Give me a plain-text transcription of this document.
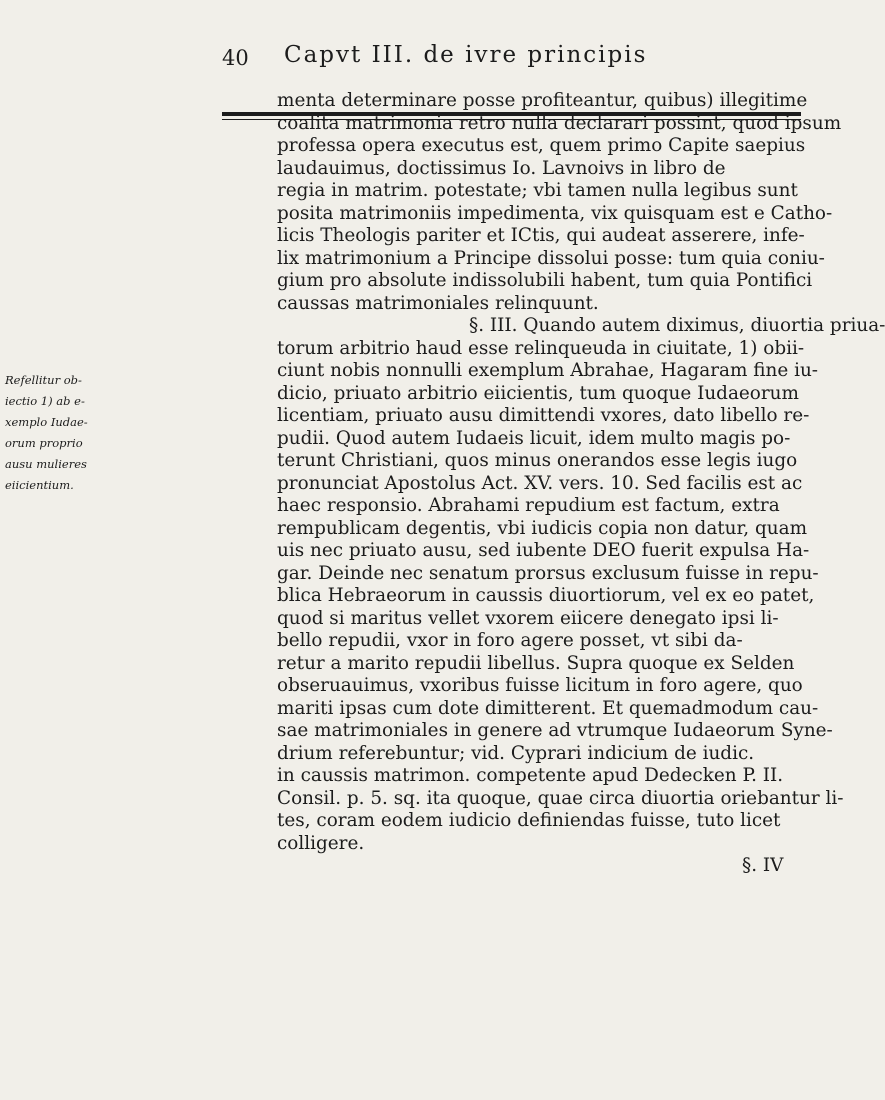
40 Capvt III. de ivre principis
Refellitur ob-
iectio 1) ab e-
xemplo Iudae-
orum proprio
ausu mulieres
eiicientium.
menta determinare posse profiteantur, quibus) illegitime
coalita matrimonia retro nulla declarari possint, quod ipsum
professa opera executus est, quem primo Capite saepius
laudauimus, doctissimus Io. Lavnoivs in libro de
regia in matrim. potestate; vbi tamen nulla legibus sunt
posita matrimoniis impedimenta, vix quisquam est e Catho-
licis Theologis pariter et ICtis, qui audeat asserere, infe-
lix matrimonium a Principe dissolui posse: tum quia coniu-
gium pro absolute indissolubili habent, tum quia Pontifici
caussas matrimoniales relinquunt.
§. III. Quando autem diximus, diuortia priua-
torum arbitrio haud esse relinqueuda in ciuitate, 1) obii-
ciunt nobis nonnulli exemplum Abrahae, Hagaram fine iu-
dicio, priuato arbitrio eiicientis, tum quoque Iudaeorum
licentiam, priuato ausu dimittendi vxores, dato libello re-
pudii. Quod autem Iudaeis licuit, idem multo magis po-
terunt Christiani, quos minus onerandos esse legis iugo
pronunciat Apostolus Act. XV. vers. 10. Sed facilis est ac
haec responsio. Abrahami repudium est factum, extra
rempublicam degentis, vbi iudicis copia non datur, quam
uis nec priuato ausu, sed iubente DEO fuerit expulsa Ha-
gar. Deinde nec senatum prorsus exclusum fuisse in repu-
blica Hebraeorum in caussis diuortiorum, vel ex eo patet,
quod si maritus vellet vxorem eiicere denegato ipsi li-
bello repudii, vxor in foro agere posset, vt sibi da-
retur a marito repudii libellus. Supra quoque ex Selden
obseruauimus, vxoribus fuisse licitum in foro agere, quo
mariti ipsas cum dote dimitterent. Et quemadmodum cau-
sae matrimoniales in genere ad vtrumque Iudaeorum Syne-
drium referebuntur; vid. Cyprari indicium de iudic.
in caussis matrimon. competente apud Dedecken P. II.
Consil. p. 5. sq. ita quoque, quae circa diuortia oriebantur li-
tes, coram eodem iudicio definiendas fuisse, tuto licet
colligere.
§. IV
